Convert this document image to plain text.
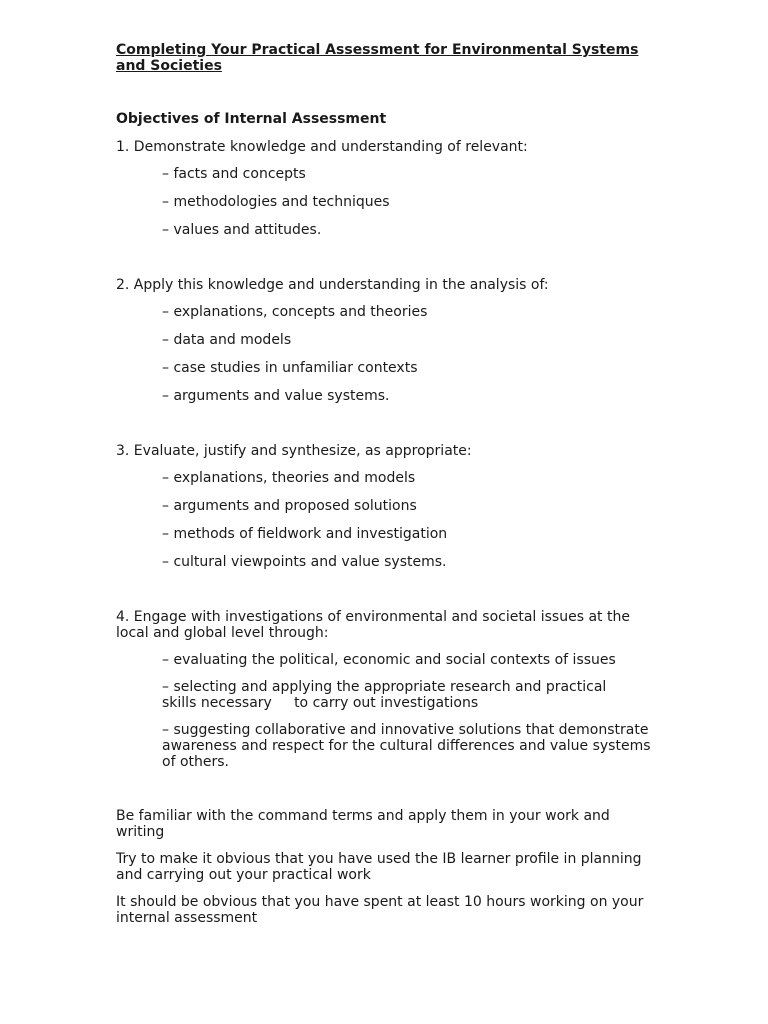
Completing Your Practical Assessment for Environmental Systems and Societies

Objectives of Internal Assessment

1. Demonstrate knowledge and understanding of relevant:

– facts and concepts

– methodologies and techniques

– values and attitudes.

2. Apply this knowledge and understanding in the analysis of:

– explanations, concepts and theories

– data and models

– case studies in unfamiliar contexts

– arguments and value systems.

3. Evaluate, justify and synthesize, as appropriate:

– explanations, theories and models

– arguments and proposed solutions

– methods of fieldwork and investigation

– cultural viewpoints and value systems.

4. Engage with investigations of environmental and societal issues at the local and global level through:

– evaluating the political, economic and social contexts of issues

– selecting and applying the appropriate research and practical skills necessary     to carry out investigations

– suggesting collaborative and innovative solutions that demonstrate awareness and respect for the cultural differences and value systems of others.

Be familiar with the command terms and apply them in your work and writing

Try to make it obvious that you have used the IB learner profile in planning and carrying out your practical work

It should be obvious that you have spent at least 10 hours working on your internal assessment
